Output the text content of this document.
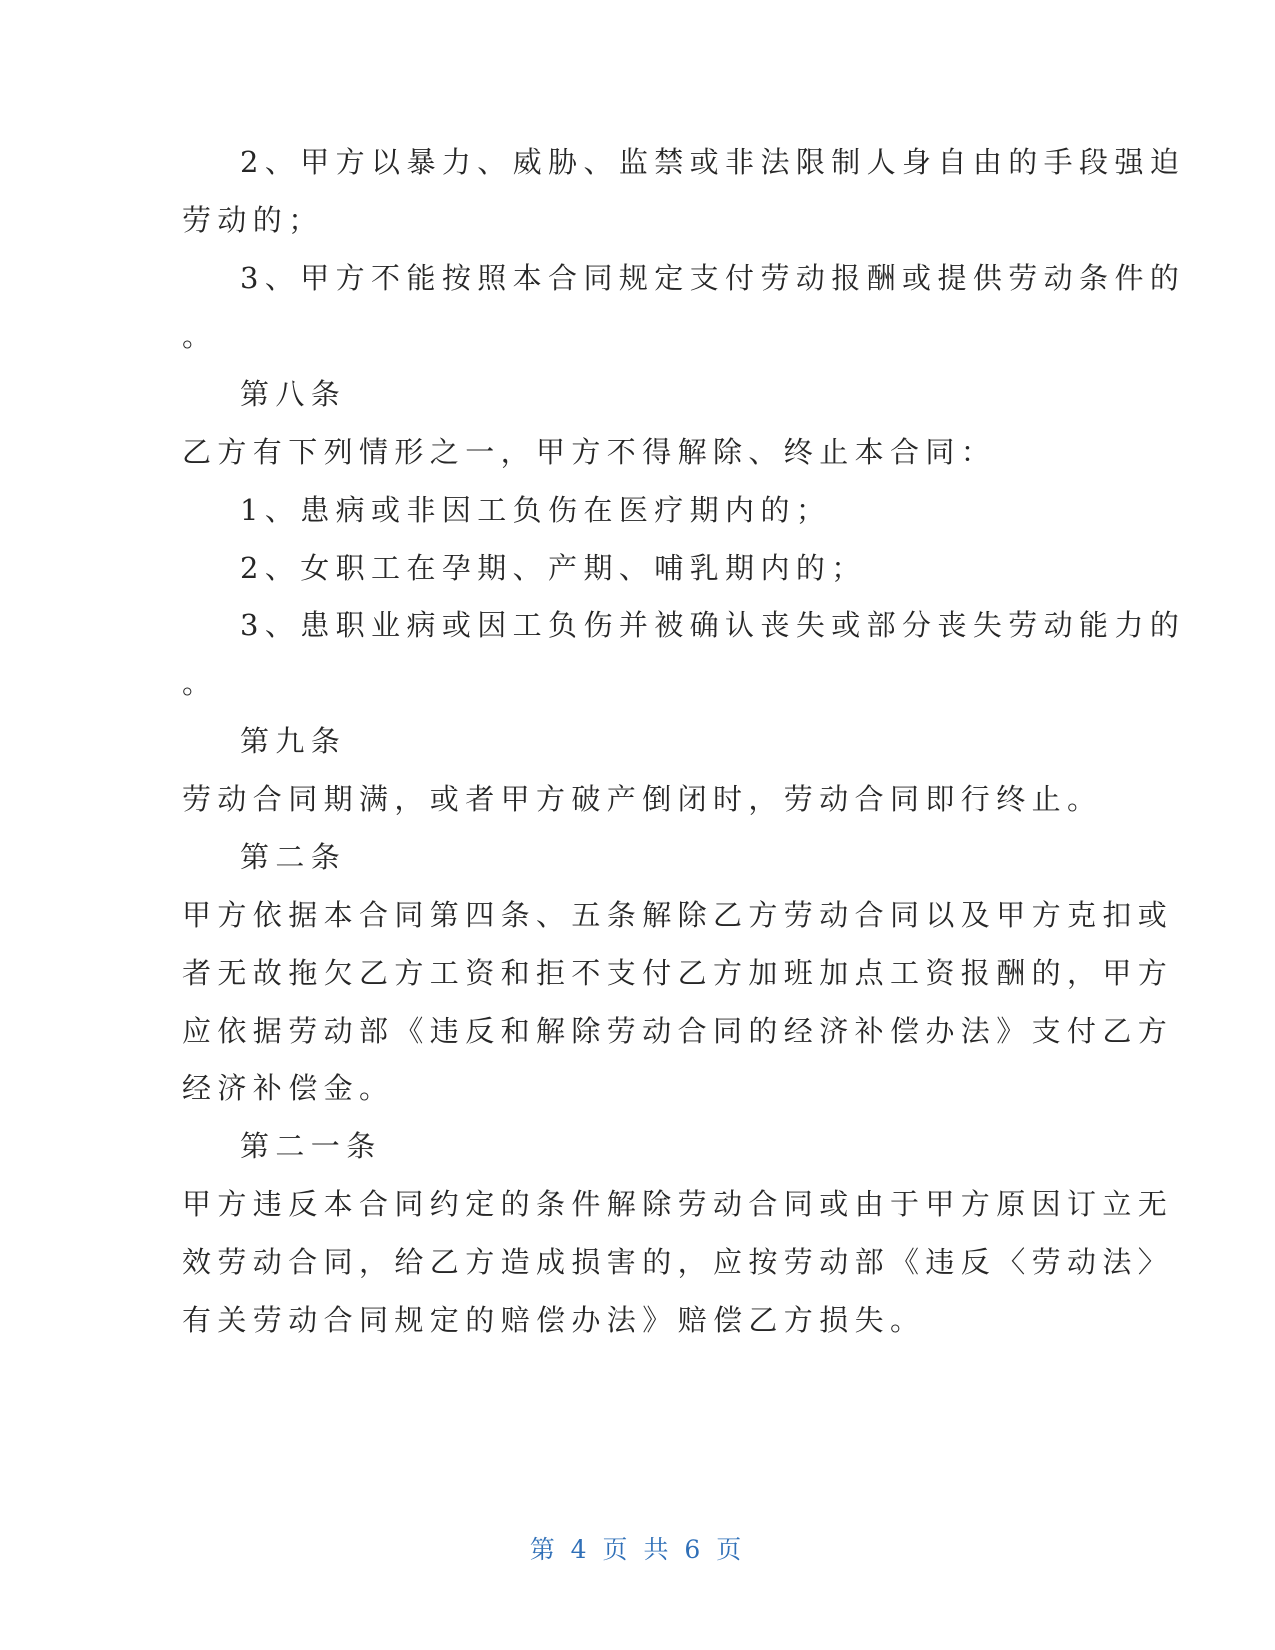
2、甲方以暴力、威胁、监禁或非法限制人身自由的手段强迫
劳动的；
3、甲方不能按照本合同规定支付劳动报酬或提供劳动条件的
。
第八条
乙方有下列情形之一，甲方不得解除、终止本合同：
1、患病或非因工负伤在医疗期内的；
2、女职工在孕期、产期、哺乳期内的；
3、患职业病或因工负伤并被确认丧失或部分丧失劳动能力的
。
第九条
劳动合同期满，或者甲方破产倒闭时，劳动合同即行终止。
第二条
甲方依据本合同第四条、五条解除乙方劳动合同以及甲方克扣或
者无故拖欠乙方工资和拒不支付乙方加班加点工资报酬的，甲方
应依据劳动部《违反和解除劳动合同的经济补偿办法》支付乙方
经济补偿金。
第二一条
甲方违反本合同约定的条件解除劳动合同或由于甲方原因订立无
效劳动合同，给乙方造成损害的，应按劳动部《违反〈劳动法〉
有关劳动合同规定的赔偿办法》赔偿乙方损失。
第 4 页 共 6 页
